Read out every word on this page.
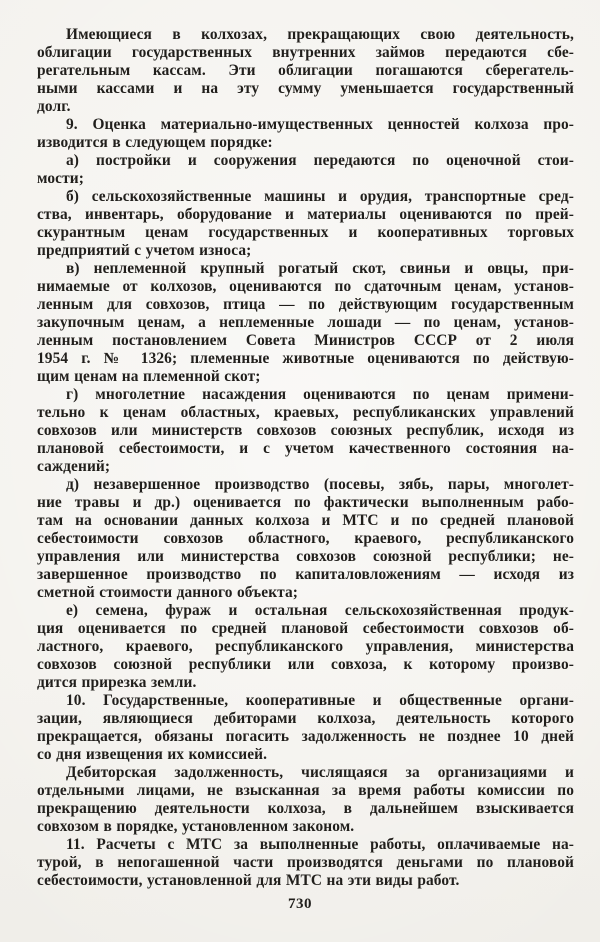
Имеющиеся в колхозах, прекращающих свою деятельность,
облигации государственных внутренних займов передаются сбе-
регательным кассам. Эти облигации погашаются сберегатель-
ными кассами и на эту сумму уменьшается государственный
долг.

9. Оценка материально-имущественных ценностей колхоза про-
изводится в следующем порядке:

а) постройки и сооружения передаются по оценочной стои-
мости;

б) сельскохозяйственные машины и орудия, транспортные сред-
ства, инвентарь, оборудование и материалы оцениваются по прей-
скурантным ценам государственных и кооперативных торговых
предприятий с учетом износа;

в) неплеменной крупный рогатый скот, свиньи и овцы, при-
нимаемые от колхозов, оцениваются по сдаточным ценам, установ-
ленным для совхозов, птица — по действующим государственным
закупочным ценам, а неплеменные лошади — по ценам, установ-
ленным постановлением Совета Министров СССР от 2 июля
1954 г. № 1326; племенные животные оцениваются по действую-
щим ценам на племенной скот;

г) многолетние насаждения оцениваются по ценам примени-
тельно к ценам областных, краевых, республиканских управлений
совхозов или министерств совхозов союзных республик, исходя из
плановой себестоимости, и с учетом качественного состояния на-
саждений;

д) незавершенное производство (посевы, зябь, пары, многолет-
ние травы и др.) оценивается по фактически выполненным рабо-
там на основании данных колхоза и МТС и по средней плановой
себестоимости совхозов областного, краевого, республиканского
управления или министерства совхозов союзной республики; не-
завершенное производство по капиталовложениям — исходя из
сметной стоимости данного объекта;

е) семена, фураж и остальная сельскохозяйственная продук-
ция оценивается по средней плановой себестоимости совхозов об-
ластного, краевого, республиканского управления, министерства
совхозов союзной республики или совхоза, к которому произво-
дится прирезка земли.

10. Государственные, кооперативные и общественные органи-
зации, являющиеся дебиторами колхоза, деятельность которого
прекращается, обязаны погасить задолженность не позднее 10 дней
со дня извещения их комиссией.

Дебиторская задолженность, числящаяся за организациями и
отдельными лицами, не взысканная за время работы комиссии по
прекращению деятельности колхоза, в дальнейшем взыскивается
совхозом в порядке, установленном законом.

11. Расчеты с МТС за выполненные работы, оплачиваемые на-
турой, в непогашенной части производятся деньгами по плановой
себестоимости, установленной для МТС на эти виды работ.

730
